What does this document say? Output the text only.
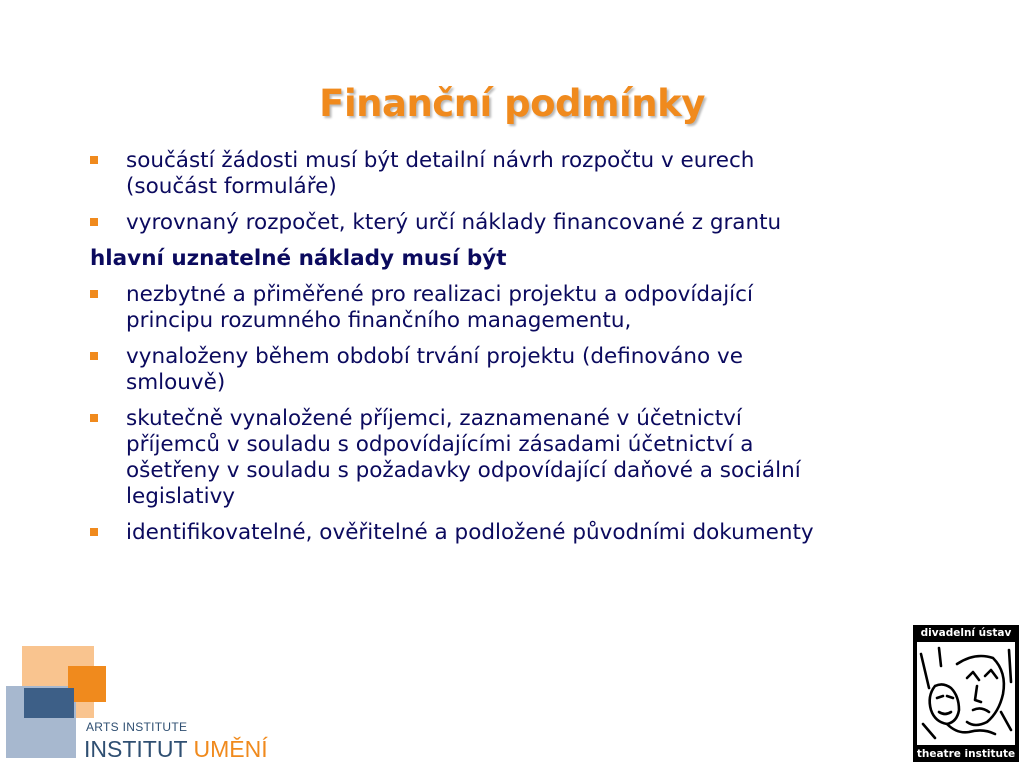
Finanční podmínky
součástí žádosti musí být detailní návrh rozpočtu v eurech
(součást formuláře)
vyrovnaný rozpočet, který určí náklady financované z grantu
hlavní uznatelné náklady musí být
nezbytné a přiměřené pro realizaci projektu a odpovídající
principu rozumného finančního managementu,
vynaloženy během období trvání projektu (definováno ve
smlouvě)
skutečně vynaložené příjemci, zaznamenané v účetnictví
příjemců v souladu s odpovídajícími zásadami účetnictví a
ošetřeny v souladu s požadavky odpovídající daňové a sociální
legislativy
identifikovatelné, ověřitelné a podložené původními dokumenty
ARTS INSTITUTE
INSTITUT UMĚNÍ
divadelní ústav
theatre institute
